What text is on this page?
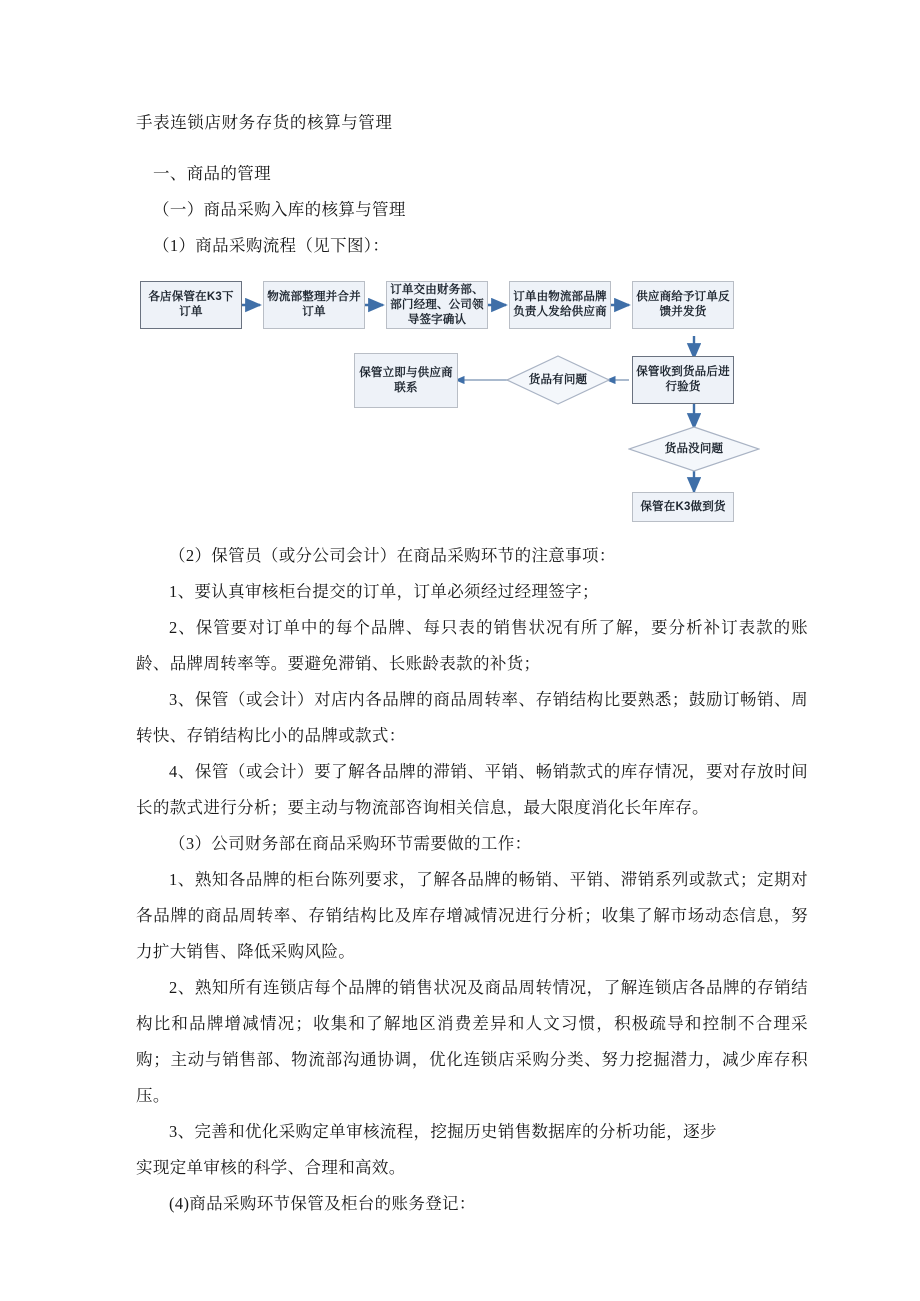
手表连锁店财务存货的核算与管理

一、商品的管理

（一）商品采购入库的核算与管理

（1）商品采购流程（见下图）：

各店保管在K3下订单
物流部整理并合并订单
订单交由财务部、部门经理、公司领导签字确认
订单由物流部品牌负责人发给供应商
供应商给予订单反馈并发货
保管收到货品后进行验货
保管立即与供应商联系
保管在K3做到货
货品有问题
货品没问题

（2）保管员（或分公司会计）在商品采购环节的注意事项：

1、要认真审核柜台提交的订单，订单必须经过经理签字；

2、保管要对订单中的每个品牌、每只表的销售状况有所了解，要分析补订表款的账龄、品牌周转率等。要避免滞销、长账龄表款的补货；

3、保管（或会计）对店内各品牌的商品周转率、存销结构比要熟悉；鼓励订畅销、周转快、存销结构比小的品牌或款式：

4、保管（或会计）要了解各品牌的滞销、平销、畅销款式的库存情况，要对存放时间长的款式进行分析；要主动与物流部咨询相关信息，最大限度消化长年库存。

（3）公司财务部在商品采购环节需要做的工作：

1、熟知各品牌的柜台陈列要求，了解各品牌的畅销、平销、滞销系列或款式；定期对各品牌的商品周转率、存销结构比及库存增减情况进行分析；收集了解市场动态信息，努力扩大销售、降低采购风险。

2、熟知所有连锁店每个品牌的销售状况及商品周转情况，了解连锁店各品牌的存销结构比和品牌增减情况；收集和了解地区消费差异和人文习惯，积极疏导和控制不合理采购；主动与销售部、物流部沟通协调，优化连锁店采购分类、努力挖掘潜力，减少库存积压。

3、完善和优化采购定单审核流程，挖掘历史销售数据库的分析功能，逐步

实现定单审核的科学、合理和高效。

(4)商品采购环节保管及柜台的账务登记：
